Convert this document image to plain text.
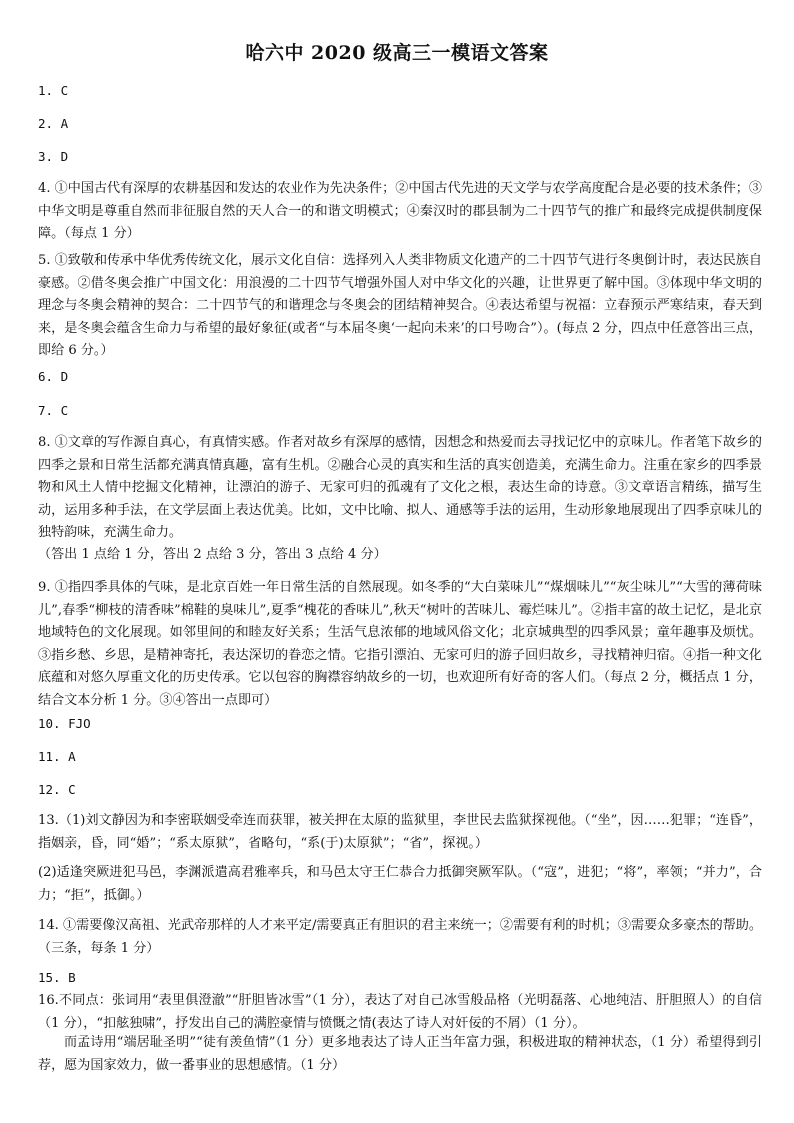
哈六中 2020 级高三一模语文答案

1. C

2. A

3. D

4. ①中国古代有深厚的农耕基因和发达的农业作为先决条件；②中国古代先进的天文学与农学高度配合是必要的技术条件；③中华文明是尊重自然而非征服自然的天人合一的和谐文明模式；④秦汉时的郡县制为二十四节气的推广和最终完成提供制度保障。（每点 1 分）

5. ①致敬和传承中华优秀传统文化，展示文化自信：选择列入人类非物质文化遗产的二十四节气进行冬奥倒计时，表达民族自豪感。②借冬奥会推广中国文化：用浪漫的二十四节气增强外国人对中华文化的兴趣，让世界更了解中国。③体现中华文明的理念与冬奥会精神的契合：二十四节气的和谐理念与冬奥会的团结精神契合。④表达希望与祝福：立春预示严寒结束，春天到来，是冬奥会蕴含生命力与希望的最好象征(或者“与本届冬奥‘一起向未来’的口号吻合”）。(每点 2 分，四点中任意答出三点，即给 6 分。）

6. D

7. C

8. ①文章的写作源自真心，有真情实感。作者对故乡有深厚的感情，因想念和热爱而去寻找记忆中的京味儿。作者笔下故乡的四季之景和日常生活都充满真情真趣，富有生机。②融合心灵的真实和生活的真实创造美，充满生命力。注重在家乡的四季景物和风土人情中挖掘文化精神，让漂泊的游子、无家可归的孤魂有了文化之根，表达生命的诗意。③文章语言精练，描写生动，运用多种手法，在文学层面上表达优美。比如，文中比喻、拟人、通感等手法的运用，生动形象地展现出了四季京味儿的独特韵味，充满生命力。

（答出 1 点给 1 分，答出 2 点给 3 分，答出 3 点给 4 分）

9. ①指四季具体的气味，是北京百姓一年日常生活的自然展现。如冬季的“大白菜味儿”“煤烟味儿”“灰尘味儿”“大雪的薄荷味儿”,春季“柳枝的清香味”棉鞋的臭味儿”,夏季“槐花的香味儿”,秋天“树叶的苦味儿、霉烂味儿”。②指丰富的故土记忆，是北京地域特色的文化展现。如邻里间的和睦友好关系；生活气息浓郁的地域风俗文化；北京城典型的四季风景；童年趣事及烦忧。③指乡愁、乡思，是精神寄托，表达深切的眷恋之情。它指引漂泊、无家可归的游子回归故乡，寻找精神归宿。④指一种文化底蕴和对悠久厚重文化的历史传承。它以包容的胸襟容纳故乡的一切，也欢迎所有好奇的客人们。（每点 2 分，概括点 1 分，结合文本分析 1 分。③④答出一点即可）

10. FJO

11. A

12. C

13.（1)刘文静因为和李密联姻受牵连而获罪，被关押在太原的监狱里，李世民去监狱探视他。（“坐”，因……犯罪；“连昏”，指姻亲，昏，同“婚”；“系太原狱”，省略句，“系(于)太原狱”；“省”，探视。）

(2)适逢突厥进犯马邑，李渊派遣高君雅率兵，和马邑太守王仁恭合力抵御突厥军队。（“寇”，进犯；“将”，率领；“并力”，合力；“拒”，抵御。）

14. ①需要像汉高祖、光武帝那样的人才来平定/需要真正有胆识的君主来统一；②需要有利的时机；③需要众多豪杰的帮助。（三条，每条 1 分）

15. B

16.不同点：张词用“表里俱澄澈”“肝胆皆冰雪”（1 分），表达了对自己冰雪般品格（光明磊落、心地纯洁、肝胆照人）的自信（1 分），“扣舷独啸”，抒发出自己的满腔豪情与愤慨之情(表达了诗人对奸佞的不屑）（1 分）。

而孟诗用“端居耻圣明”“徒有羡鱼情”（1 分）更多地表达了诗人正当年富力强，积极进取的精神状态，（1 分）希望得到引荐，愿为国家效力，做一番事业的思想感情。（1 分）
